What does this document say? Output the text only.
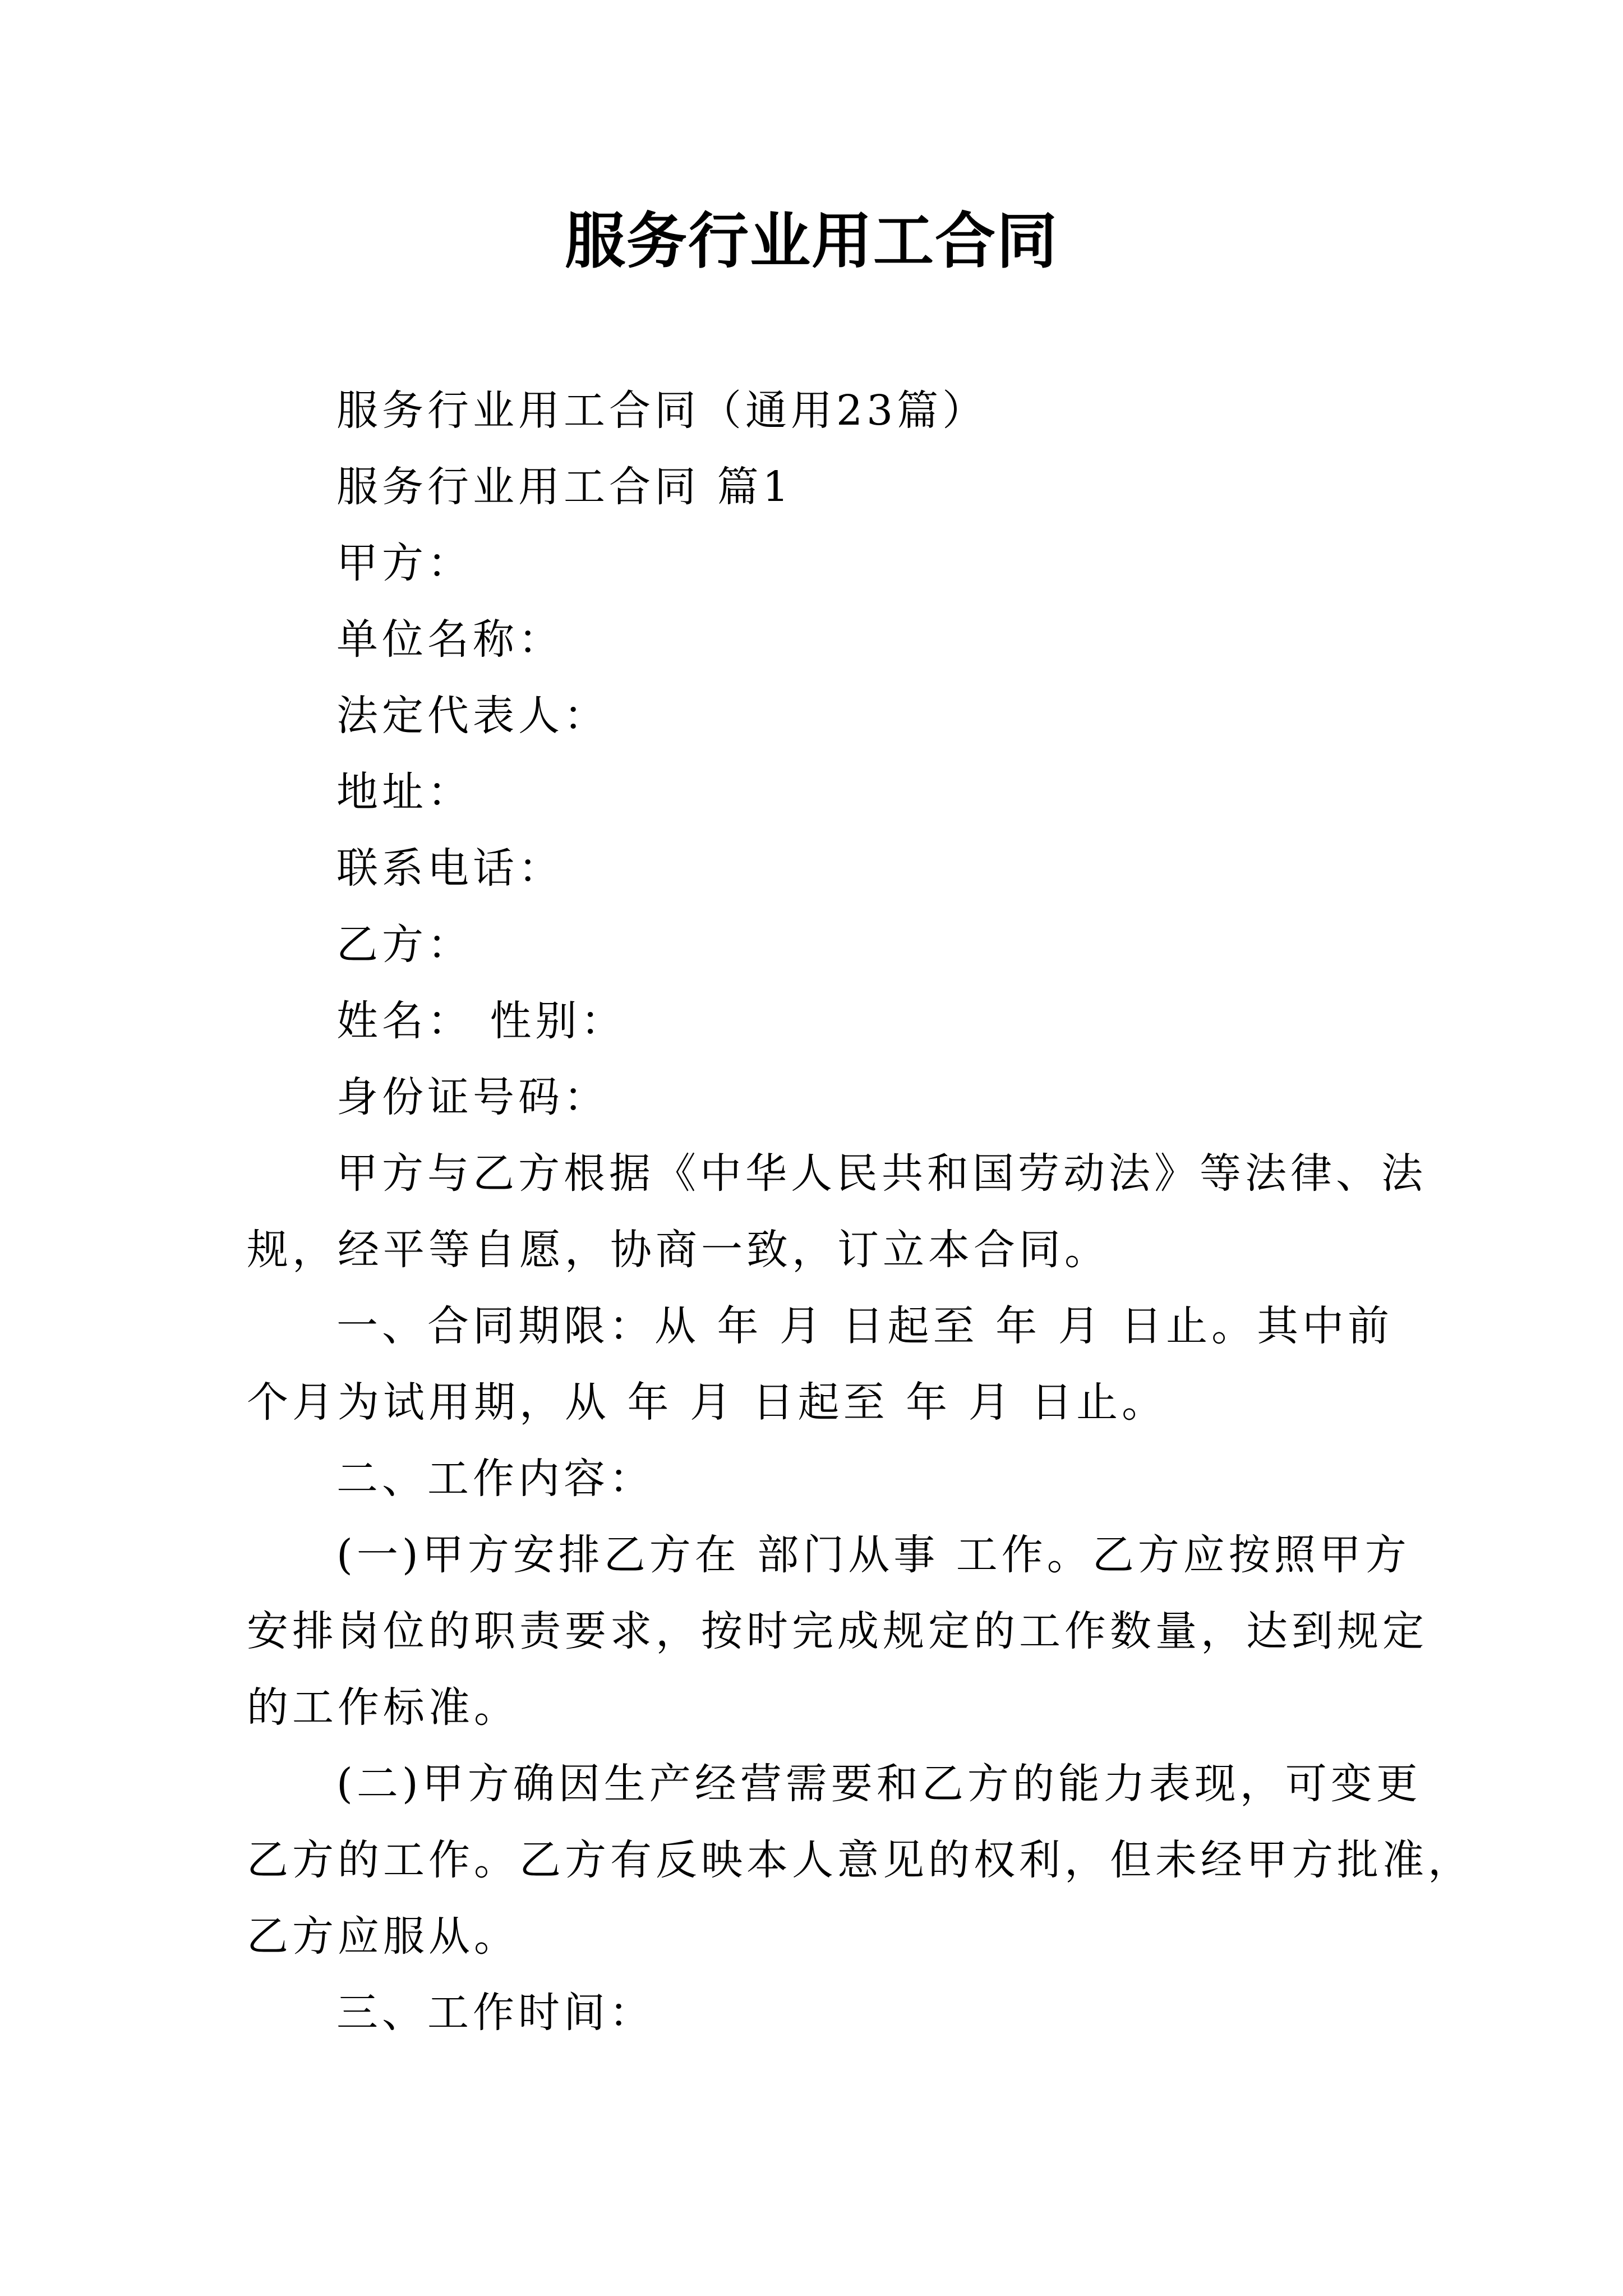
服务行业用工合同
服务行业用工合同（通用23篇）
服务行业用工合同 篇1
甲方：
单位名称：
法定代表人：
地址：
联系电话：
乙方：
姓名： 性别：
身份证号码：
甲方与乙方根据《中华人民共和国劳动法》等法律、法
规，经平等自愿，协商一致，订立本合同。
一、合同期限：从 年 月 日起至 年 月 日止。其中前
个月为试用期，从 年 月 日起至 年 月 日止。
二、工作内容：
(一)甲方安排乙方在 部门从事 工作。乙方应按照甲方
安排岗位的职责要求，按时完成规定的工作数量，达到规定
的工作标准。
(二)甲方确因生产经营需要和乙方的能力表现，可变更
乙方的工作。乙方有反映本人意见的权利，但未经甲方批准，
乙方应服从。
三、工作时间：
